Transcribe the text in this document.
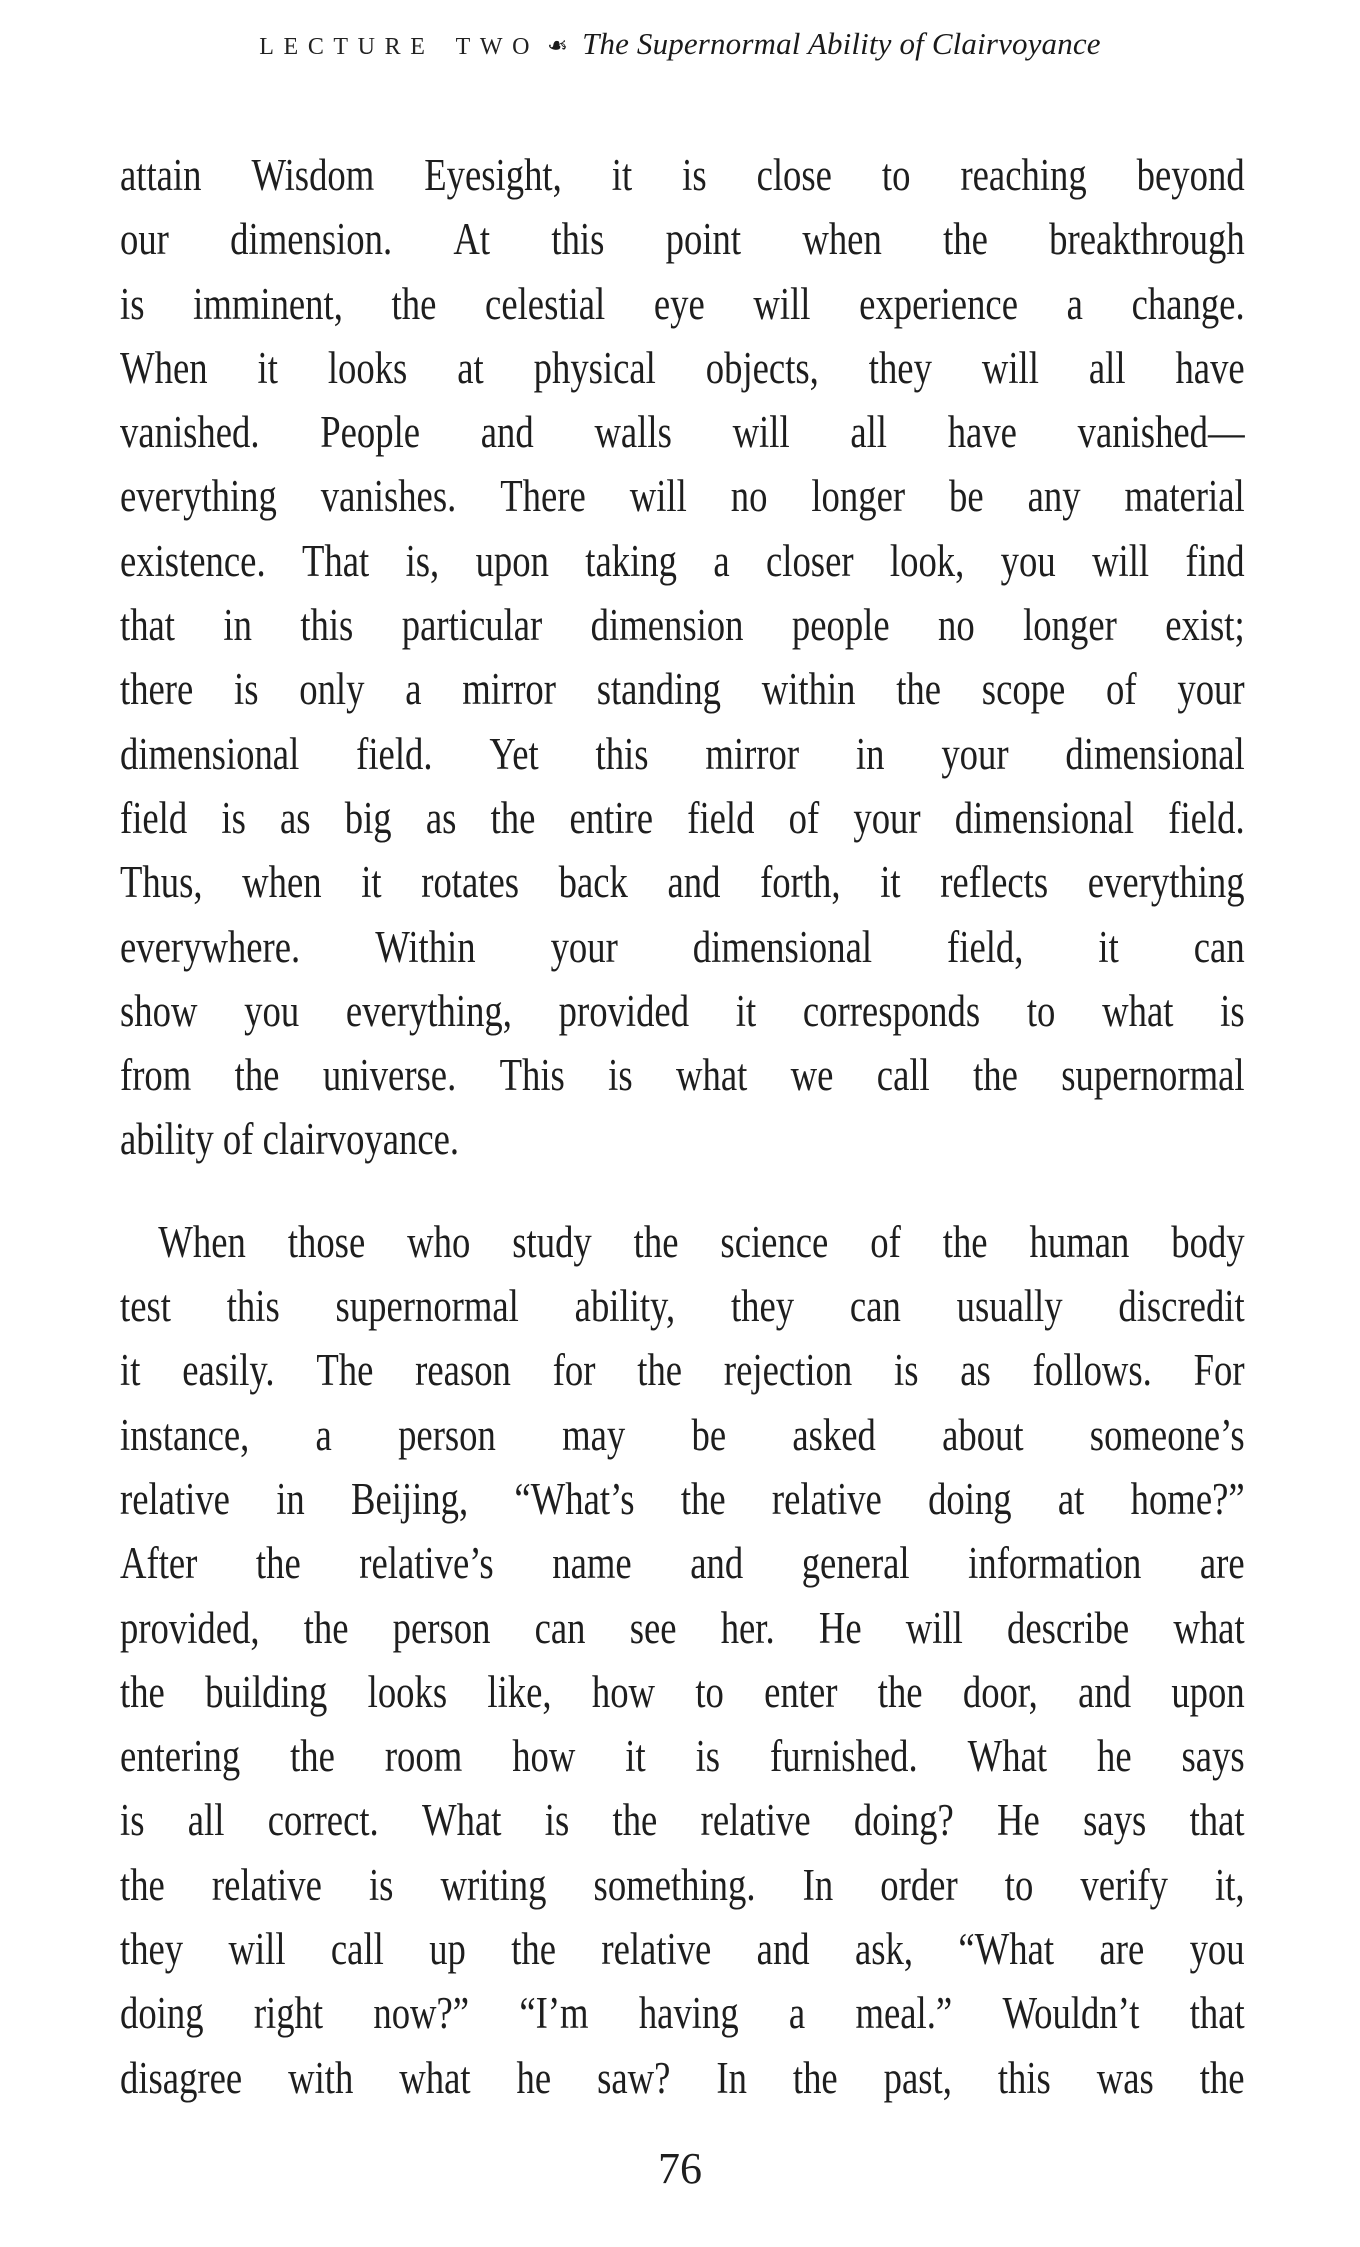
LECTURE TWO ❧ The Supernormal Ability of Clairvoyance
attain Wisdom Eyesight, it is close to reaching beyond
our dimension. At this point when the breakthrough
is imminent, the celestial eye will experience a change.
When it looks at physical objects, they will all have
vanished. People and walls will all have vanished—
everything vanishes. There will no longer be any material
existence. That is, upon taking a closer look, you will find
that in this particular dimension people no longer exist;
there is only a mirror standing within the scope of your
dimensional field. Yet this mirror in your dimensional
field is as big as the entire field of your dimensional field.
Thus, when it rotates back and forth, it reflects everything
everywhere. Within your dimensional field, it can
show you everything, provided it corresponds to what is
from the universe. This is what we call the supernormal
ability of clairvoyance.
When those who study the science of the human body
test this supernormal ability, they can usually discredit
it easily. The reason for the rejection is as follows. For
instance, a person may be asked about someone’s
relative in Beijing, “What’s the relative doing at home?”
After the relative’s name and general information are
provided, the person can see her. He will describe what
the building looks like, how to enter the door, and upon
entering the room how it is furnished. What he says
is all correct. What is the relative doing? He says that
the relative is writing something. In order to verify it,
they will call up the relative and ask, “What are you
doing right now?” “I’m having a meal.” Wouldn’t that
disagree with what he saw? In the past, this was the
76
